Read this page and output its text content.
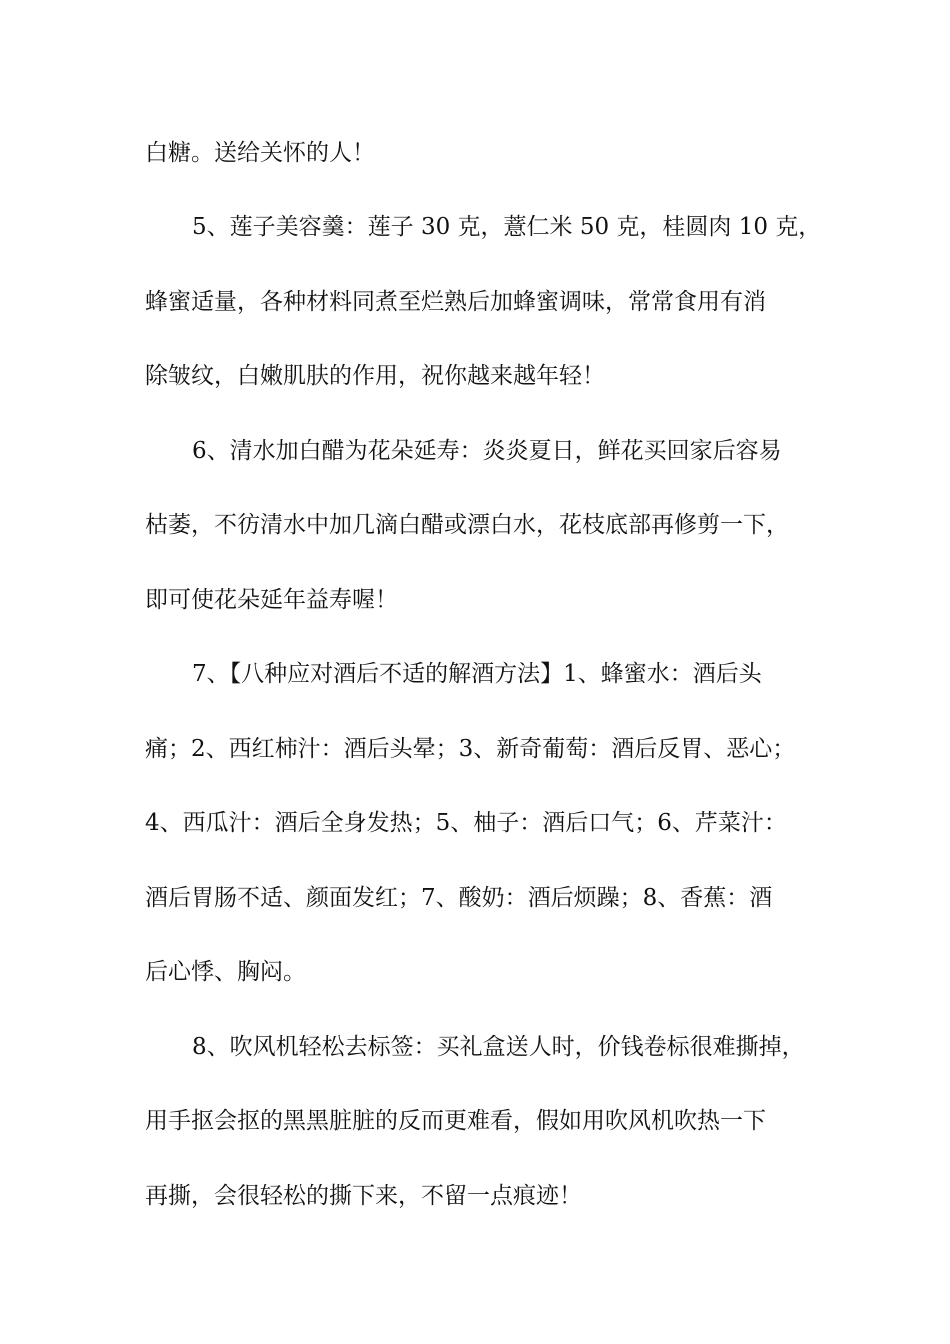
白糖。送给关怀的人！
5、莲子美容羹：莲子 30 克，薏仁米 50 克，桂圆肉 10 克，
蜂蜜适量，各种材料同煮至烂熟后加蜂蜜调味，常常食用有消
除皱纹，白嫩肌肤的作用，祝你越来越年轻！
6、清水加白醋为花朵延寿：炎炎夏日，鲜花买回家后容易
枯萎，不彷清水中加几滴白醋或漂白水，花枝底部再修剪一下，
即可使花朵延年益寿喔！
7、【八种应对酒后不适的解酒方法】1、蜂蜜水：酒后头
痛；2、西红柿汁：酒后头晕；3、新奇葡萄：酒后反胃、恶心；
4、西瓜汁：酒后全身发热；5、柚子：酒后口气；6、芹菜汁：
酒后胃肠不适、颜面发红；7、酸奶：酒后烦躁；8、香蕉：酒
后心悸、胸闷。
8、吹风机轻松去标签：买礼盒送人时，价钱卷标很难撕掉，
用手抠会抠的黑黑脏脏的反而更难看，假如用吹风机吹热一下
再撕，会很轻松的撕下来，不留一点痕迹！
